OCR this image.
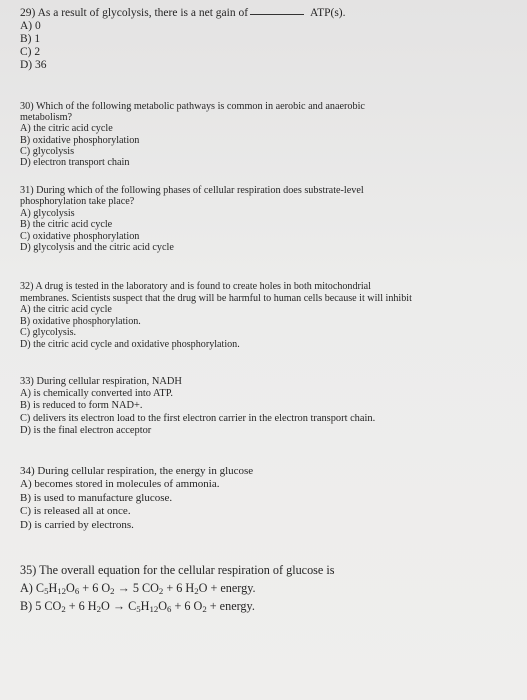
29) As a result of glycolysis, there is a net gain of	ATP(s).
A) 0
B) 1
C) 2
D) 36
30) Which of the following metabolic pathways is common in aerobic and anaerobic
metabolism?
A) the citric acid cycle
B) oxidative phosphorylation
C) glycolysis
D) electron transport chain
31) During which of the following phases of cellular respiration does substrate-level
phosphorylation take place?
A) glycolysis
B) the citric acid cycle
C) oxidative phosphorylation
D) glycolysis and the citric acid cycle
32) A drug is tested in the laboratory and is found to create holes in both mitochondrial
membranes. Scientists suspect that the drug will be harmful to human cells because it will inhibit
A) the citric acid cycle
B) oxidative phosphorylation.
C) glycolysis.
D) the citric acid cycle and oxidative phosphorylation.
33) During cellular respiration, NADH
A) is chemically converted into ATP.
B) is reduced to form NAD+.
C) delivers its electron load to the first electron carrier in the electron transport chain.
D) is the final electron acceptor
34) During cellular respiration, the energy in glucose
A) becomes stored in molecules of ammonia.
B) is used to manufacture glucose.
C) is released all at once.
D) is carried by electrons.
35) The overall equation for the cellular respiration of glucose is
A) $C_5H_{12}O_6 + 6$ $O_2 \to 5$ $CO_2 + 6$ $H_2O$ + energy.
B) 5 $CO_2 + 6$ $H_2O \to C_5H_{12}O_6 + 6$ $O_2$ + energy.
